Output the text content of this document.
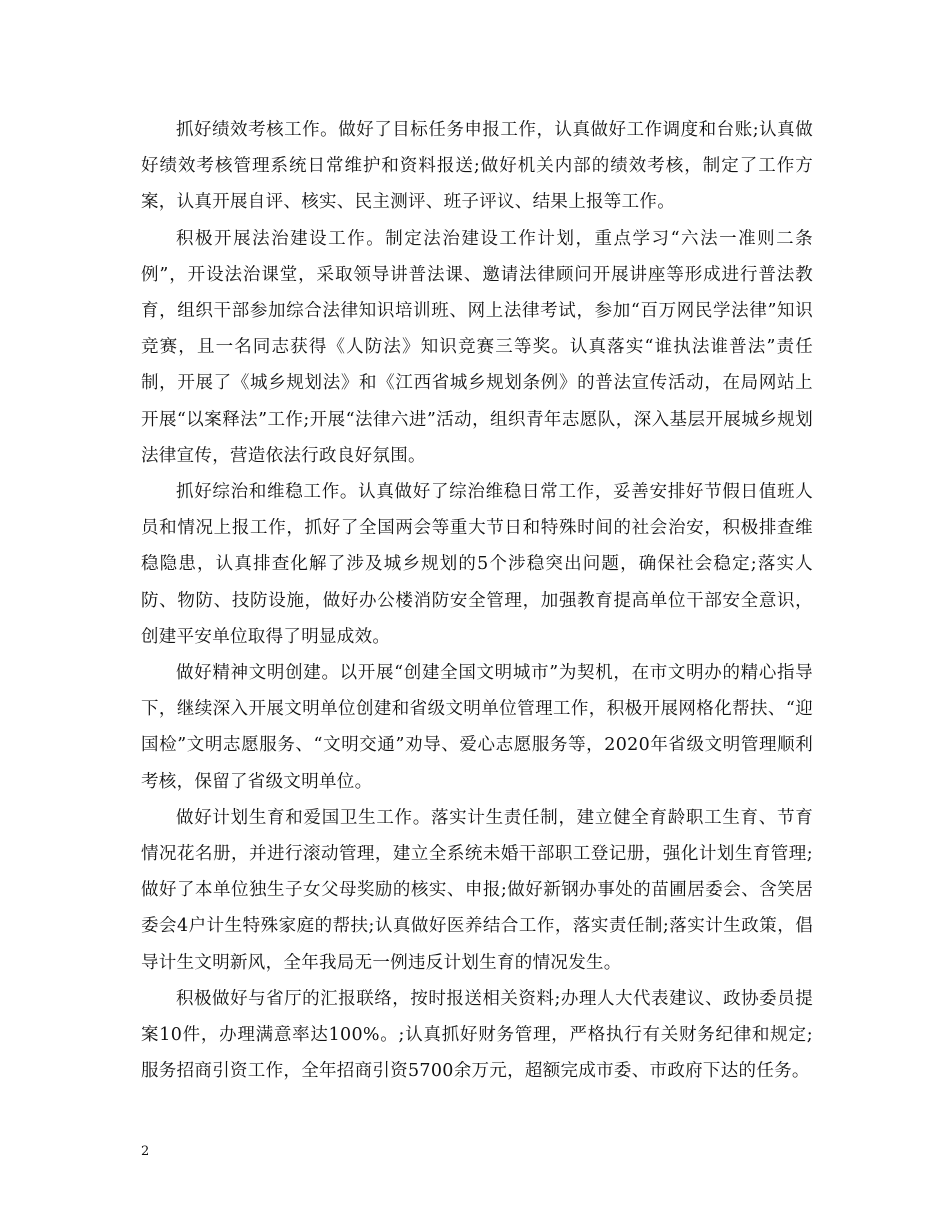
抓好绩效考核工作。做好了目标任务申报工作，认真做好工作调度和台账;认真做好绩效考核管理系统日常维护和资料报送;做好机关内部的绩效考核，制定了工作方案，认真开展自评、核实、民主测评、班子评议、结果上报等工作。

积极开展法治建设工作。制定法治建设工作计划，重点学习“六法一准则二条例”，开设法治课堂，采取领导讲普法课、邀请法律顾问开展讲座等形成进行普法教育，组织干部参加综合法律知识培训班、网上法律考试，参加“百万网民学法律”知识竞赛，且一名同志获得《人防法》知识竞赛三等奖。认真落实“谁执法谁普法”责任制，开展了《城乡规划法》和《江西省城乡规划条例》的普法宣传活动，在局网站上开展“以案释法”工作;开展“法律六进”活动，组织青年志愿队，深入基层开展城乡规划法律宣传，营造依法行政良好氛围。

抓好综治和维稳工作。认真做好了综治维稳日常工作，妥善安排好节假日值班人员和情况上报工作，抓好了全国两会等重大节日和特殊时间的社会治安，积极排查维稳隐患，认真排查化解了涉及城乡规划的5个涉稳突出问题，确保社会稳定;落实人防、物防、技防设施，做好办公楼消防安全管理，加强教育提高单位干部安全意识，创建平安单位取得了明显成效。

做好精神文明创建。以开展“创建全国文明城市”为契机，在市文明办的精心指导下，继续深入开展文明单位创建和省级文明单位管理工作，积极开展网格化帮扶、“迎国检”文明志愿服务、“文明交通”劝导、爱心志愿服务等，2020年省级文明管理顺利考核，保留了省级文明单位。

做好计划生育和爱国卫生工作。落实计生责任制，建立健全育龄职工生育、节育情况花名册，并进行滚动管理，建立全系统未婚干部职工登记册，强化计划生育管理;做好了本单位独生子女父母奖励的核实、申报;做好新钢办事处的苗圃居委会、含笑居委会4户计生特殊家庭的帮扶;认真做好医养结合工作，落实责任制;落实计生政策，倡导计生文明新风，全年我局无一例违反计划生育的情况发生。

积极做好与省厅的汇报联络，按时报送相关资料;办理人大代表建议、政协委员提案10件，办理满意率达100%。;认真抓好财务管理，严格执行有关财务纪律和规定;服务招商引资工作，全年招商引资5700余万元，超额完成市委、市政府下达的任务。

2
